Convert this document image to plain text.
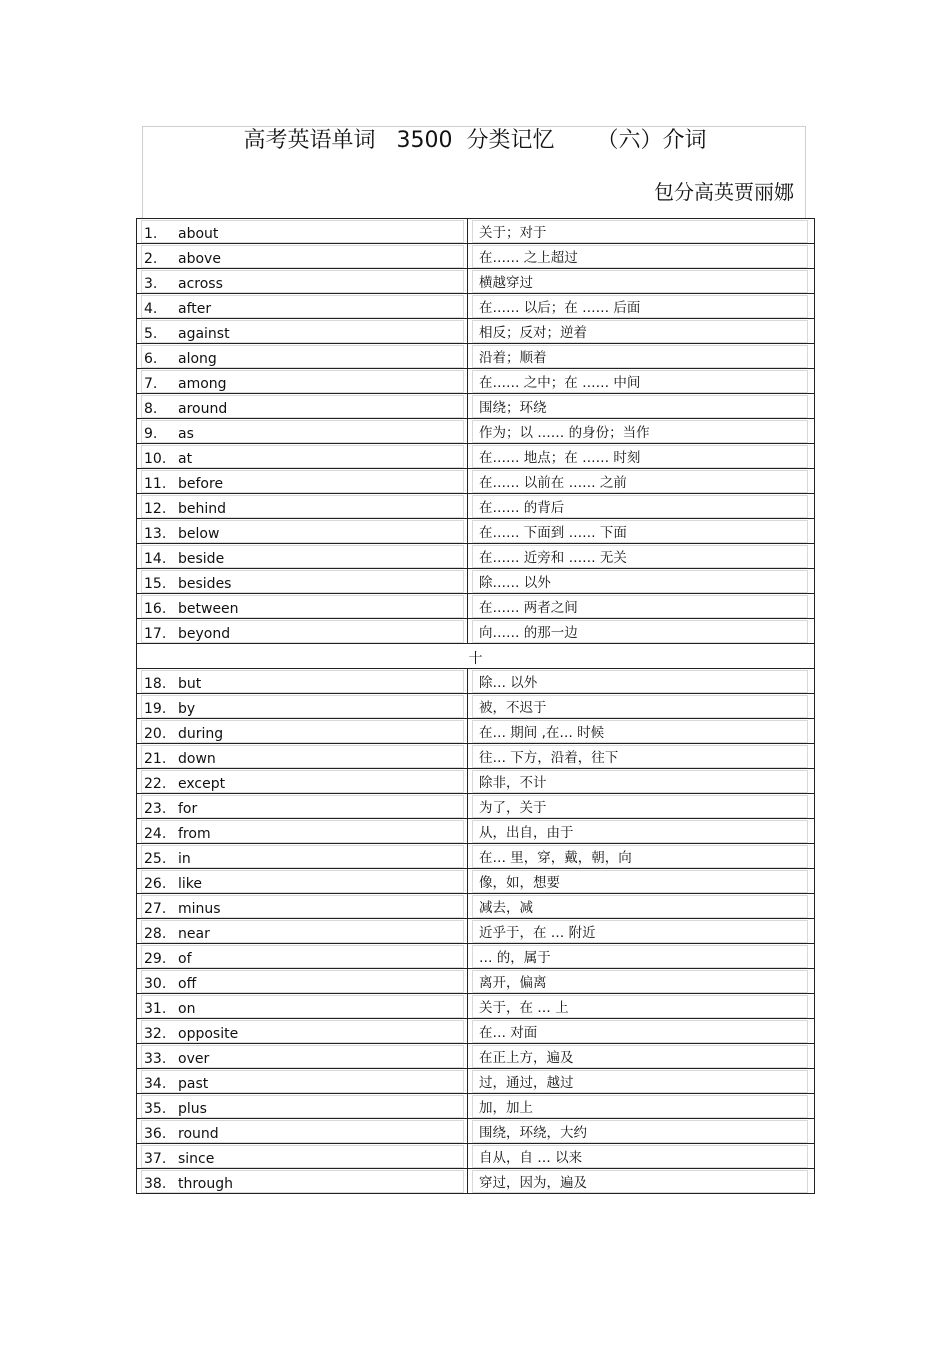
高考英语单词   3500  分类记忆      （六）介词
包分高英贾丽娜
1. about	关于；对于

2. above	在…… 之上超过

3. across	横越穿过

4. after	在…… 以后；在 …… 后面

5. against	相反；反对；逆着

6. along	沿着；顺着

7. among	在…… 之中；在 …… 中间

8. around	围绕；环绕

9. as	作为；以 …… 的身份；当作

10. at	在…… 地点；在 …… 时刻

11. before	在…… 以前在 …… 之前

12. behind	在…… 的背后

13. below	在…… 下面到 …… 下面

14. beside	在…… 近旁和 …… 无关

15. besides	除…… 以外

16. between	在…… 两者之间

17. beyond	向…… 的那一边

十	

18. but	除… 以外

19. by	被，不迟于

20. during	在… 期间 ,在… 时候

21. down	往… 下方，沿着，往下

22. except	除非，不计

23. for	为了，关于

24. from	从，出自，由于

25. in	在… 里，穿，戴，朝，向

26. like	像，如，想要

27. minus	减去，减

28. near	近乎于，在 … 附近

29. of	… 的，属于

30. off	离开，偏离

31. on	关于，在 … 上

32. opposite	在… 对面

33. over	在正上方，遍及

34. past	过，通过，越过

35. plus	加，加上

36. round	围绕，环绕，大约

37. since	自从，自 … 以来

38. through	穿过，因为，遍及
